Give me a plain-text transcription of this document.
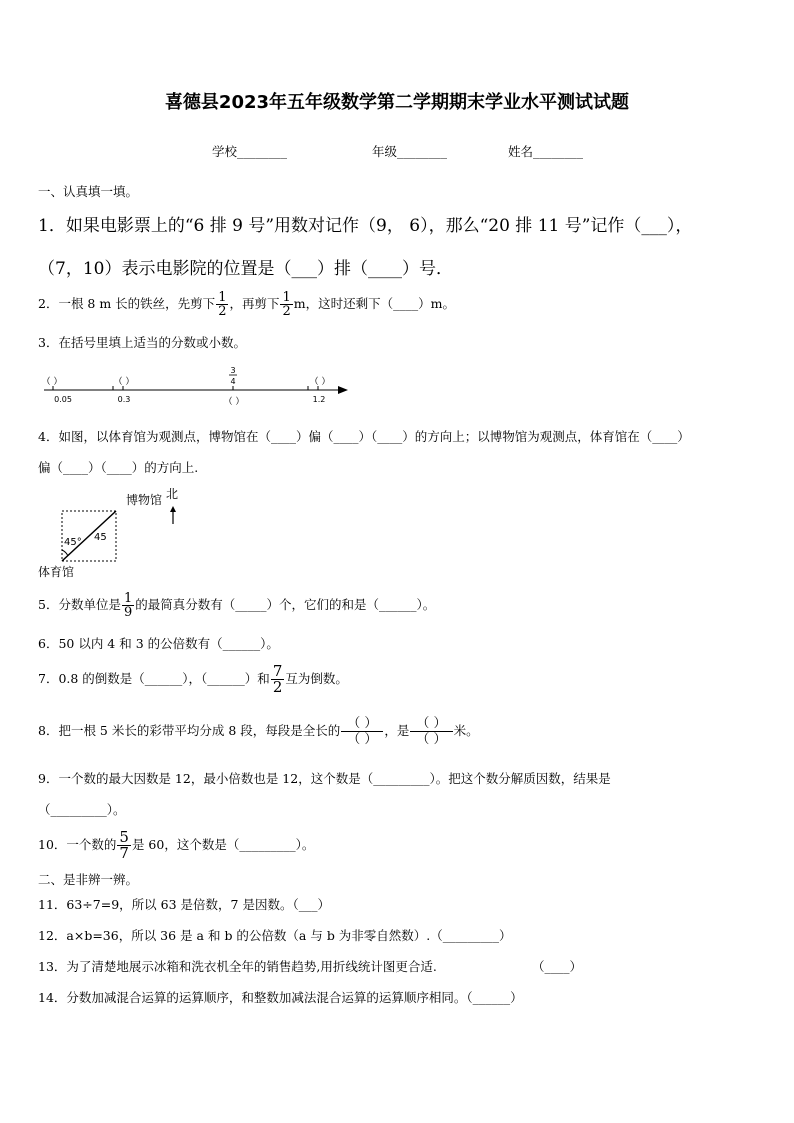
喜德县2023年五年级数学第二学期期末学业水平测试试题
学校________	年级________	姓名________
一、认真填一填。
1．如果电影票上的“6 排 9 号”用数对记作（9， 6），那么“20 排 11 号”记作（___），
（7，10）表示电影院的位置是（___）排（____）号．
2．一根 8 m 长的铁丝，先剪下 $\frac{1}{2}$ ，再剪下 $\frac{1}{2}$ m，这时还剩下（____）m。
3．在括号里填上适当的分数或小数。
（ ）	（ ）
3
4	（ ）
0.05	0.3	（ ）	1.2
4．如图，以体育馆为观测点，博物馆在（____）偏（____）（____）的方向上；以博物馆为观测点，体育馆在（____）
偏（____）（____）的方向上.
博物馆 北
45° 45
体育馆
5．分数单位是 $\frac{1}{9}$ 的最简真分数有（_____）个，它们的和是（______）。
6．50 以内 4 和 3 的公倍数有（______）。
7．0.8 的倒数是（______），（______）和 $\frac{7}{2}$ 互为倒数。
8．把一根 5 米长的彩带平均分成 8 段，每段是全长的 $\frac{( )}{( )}$ ，是 $\frac{( )}{( )}$ 米。
9．一个数的最大因数是 12，最小倍数也是 12，这个数是（_________）。把这个数分解质因数，结果是
（_________）。
10．一个数的 $\frac{5}{7}$ 是 60，这个数是（_________）。
二、是非辨一辨。
11．63÷7=9，所以 63 是倍数，7 是因数。（___）
12．a×b=36，所以 36 是 a 和 b 的公倍数（a 与 b 为非零自然数）.（_________）
13．为了清楚地展示冰箱和洗衣机全年的销售趋势,用折线统计图更合适.	（____）
14．分数加减混合运算的运算顺序，和整数加减法混合运算的运算顺序相同。（______）
